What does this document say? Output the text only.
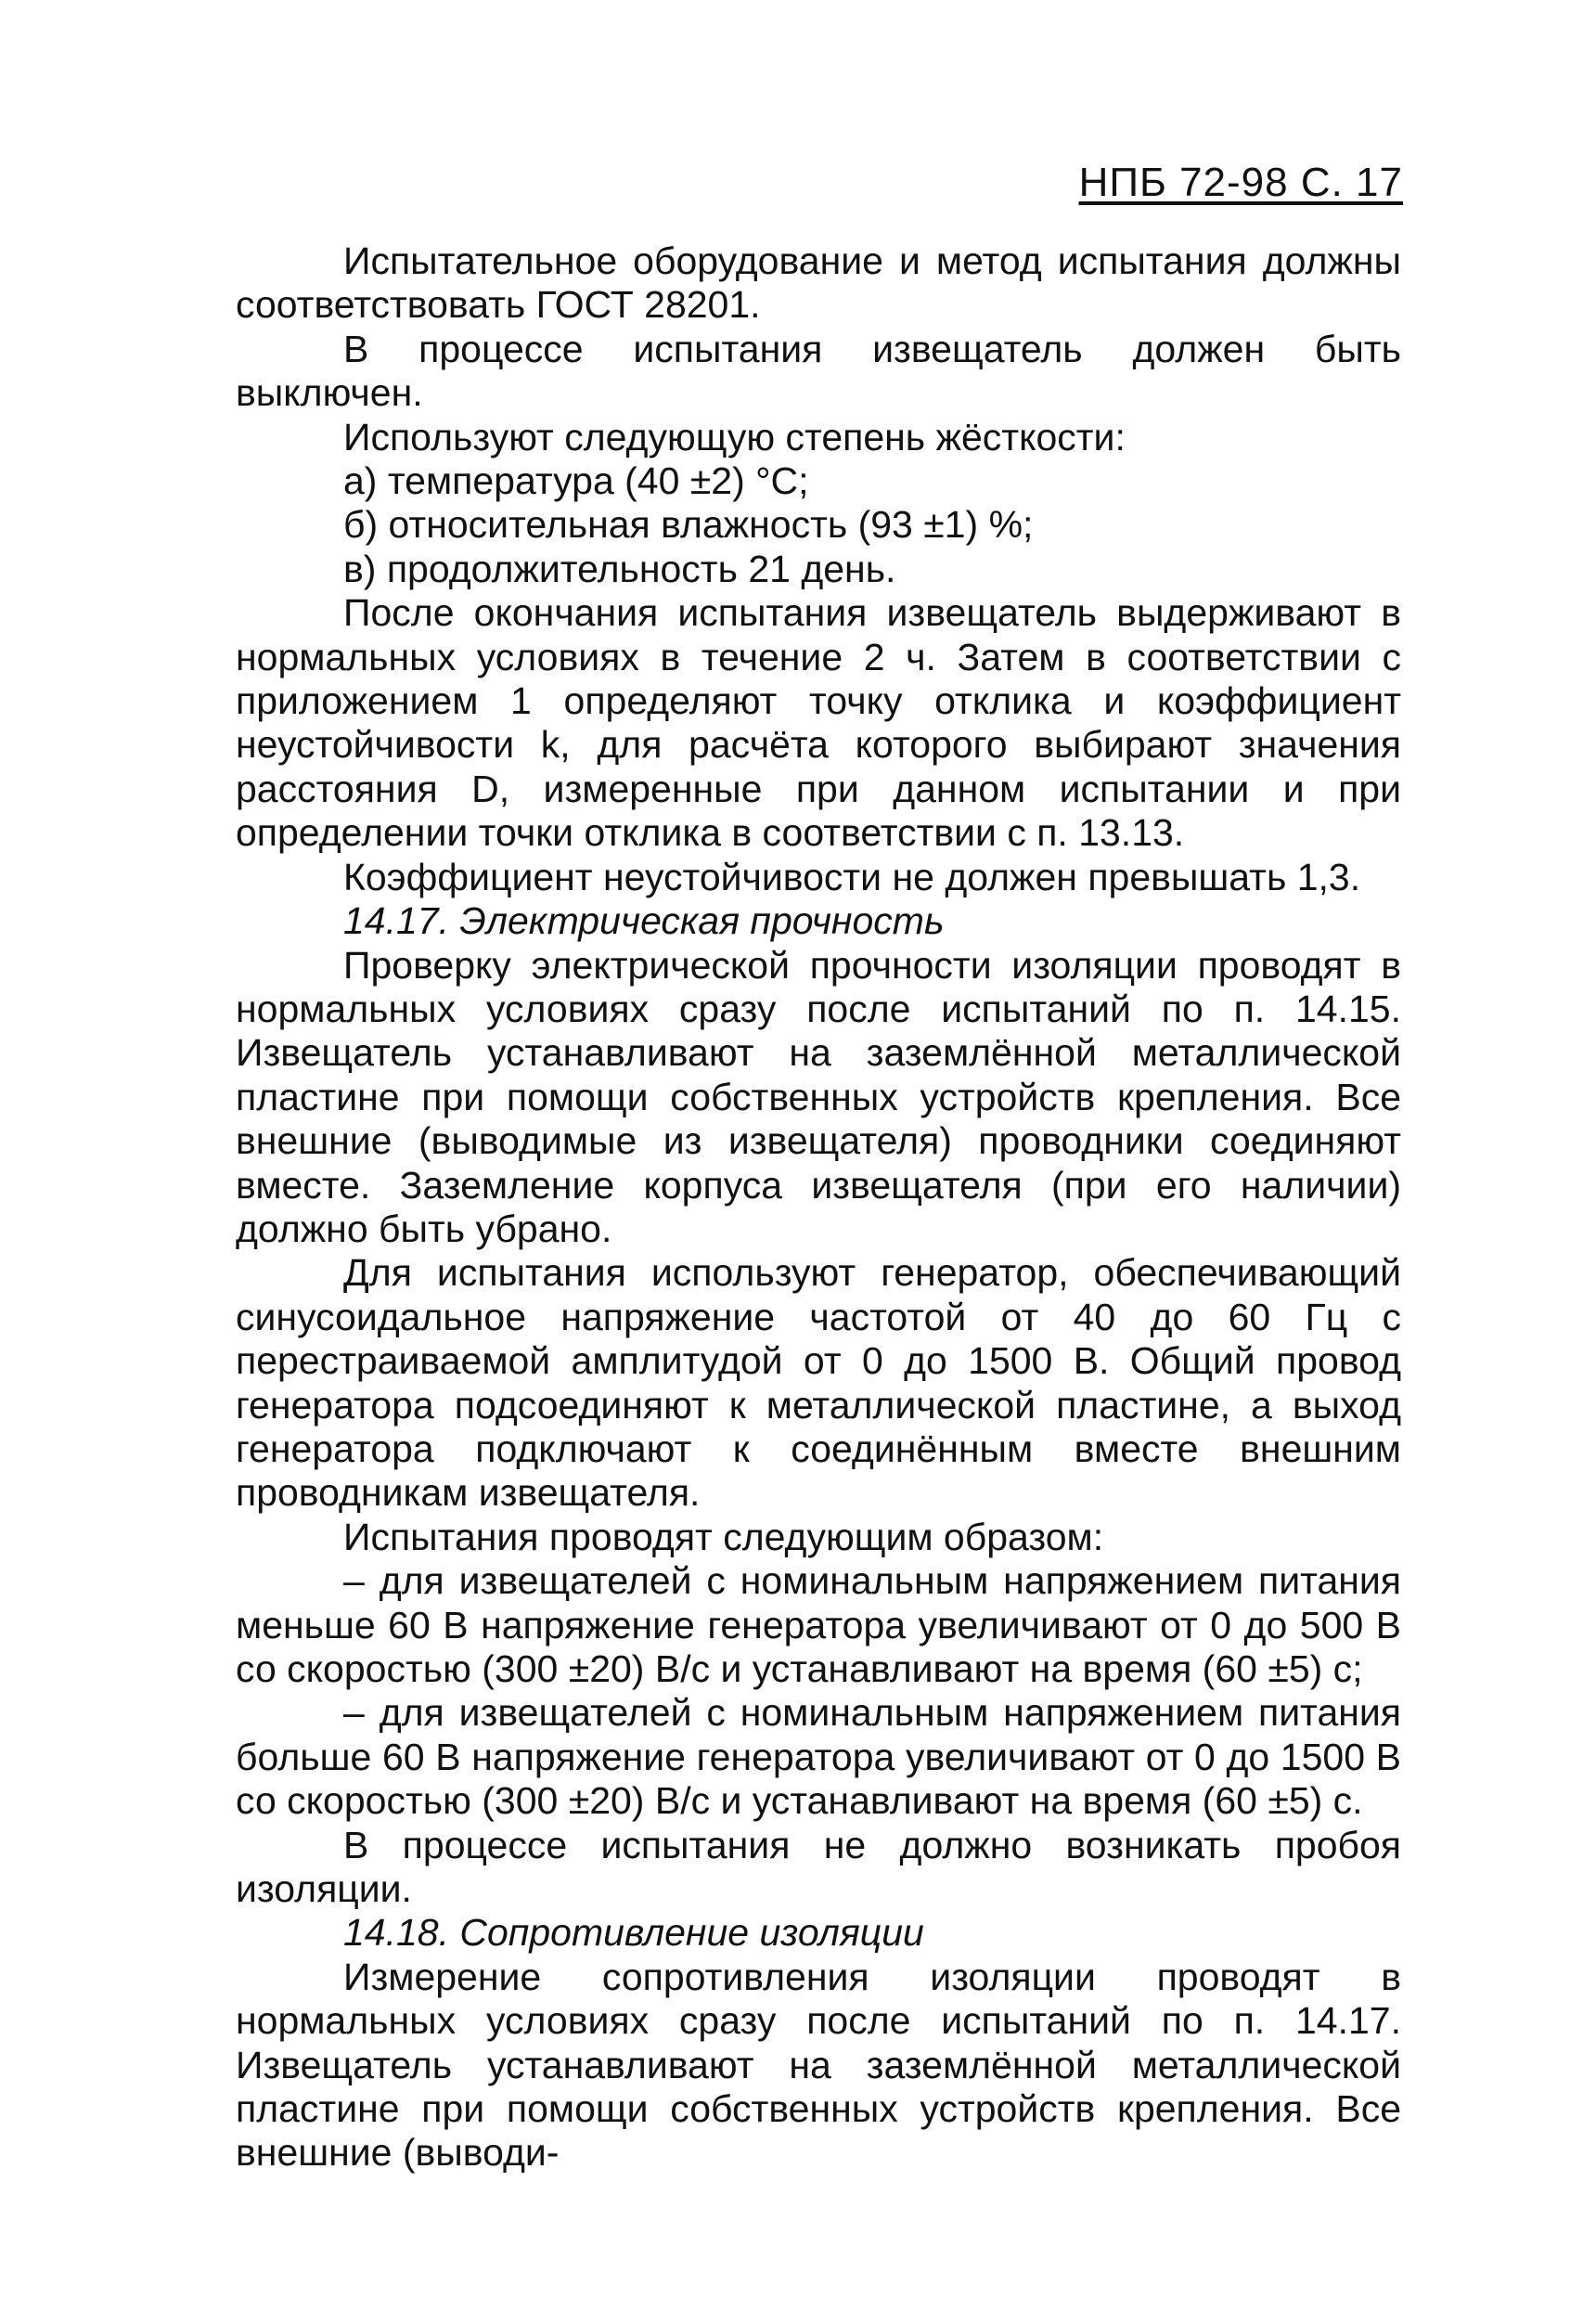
НПБ 72-98 С. 17

Испытательное оборудование и метод испытания должны соответствовать ГОСТ 28201.

В процессе испытания извещатель должен быть выключен.

Используют следующую степень жёсткости:

а) температура (40 ±2) °С;

б) относительная влажность (93 ±1) %;

в) продолжительность 21 день.

После окончания испытания извещатель выдерживают в нормальных условиях в течение 2 ч. Затем в соответствии с приложением 1 определяют точку отклика и коэффициент неустойчивости k, для расчёта которого выбирают значения расстояния D, измеренные при данном испытании и при определении точки отклика в соответствии с п. 13.13.

Коэффициент неустойчивости не должен превышать 1,3.

14.17. Электрическая прочность

Проверку электрической прочности изоляции проводят в нормальных условиях сразу после испытаний по п. 14.15. Извещатель устанавливают на заземлённой металлической пластине при помощи собственных устройств крепления. Все внешние (выводимые из извещателя) проводники соединяют вместе. Заземление корпуса извещателя (при его наличии) должно быть убрано.

Для испытания используют генератор, обеспечивающий синусоидальное напряжение частотой от 40 до 60 Гц с перестраиваемой амплитудой от 0 до 1500 В. Общий провод генератора подсоединяют к металлической пластине, а выход генератора подключают к соединённым вместе внешним проводникам извещателя.

Испытания проводят следующим образом:

– для извещателей с номинальным напряжением питания меньше 60 В напряжение генератора увеличивают от 0 до 500 В со скоростью (300 ±20) В/с и устанавливают на время (60 ±5) с;

– для извещателей с номинальным напряжением питания больше 60 В напряжение генератора увеличивают от 0 до 1500 В со скоростью (300 ±20) В/с и устанавливают на время (60 ±5) с.

В процессе испытания не должно возникать пробоя изоляции.

14.18. Сопротивление изоляции

Измерение сопротивления изоляции проводят в нормальных условиях сразу после испытаний по п. 14.17. Извещатель устанавливают на заземлённой металлической пластине при помощи собственных устройств крепления. Все внешние (выводи-
